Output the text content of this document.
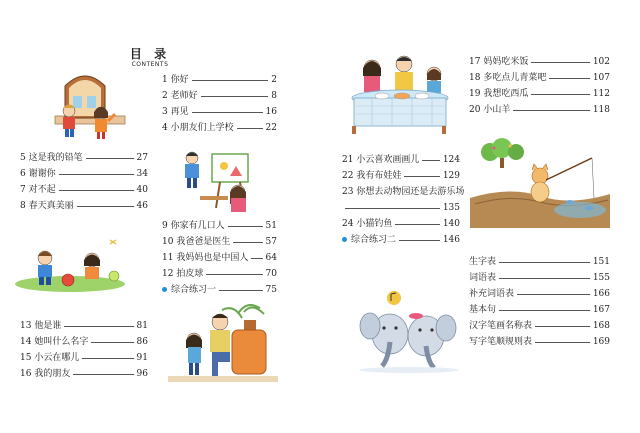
目 录
CONTENTS
1 你好	2
2 老师好	8
3 再见	16
4 小朋友们上学校	22
5 这是我的铅笔	27
6 谢谢你	34
7 对不起	40
8 春天真美丽	46
9 你家有几口人	51
10 我爸爸是医生	57
11 我妈妈也是中国人 64
12 拍皮球	70
综合练习一	75
13 他是谁	81
14 她叫什么名字	86
15 小云在哪儿	91
16 我的朋友	96
17 妈妈吃米饭	102
18 多吃点儿青菜吧	107
19 我想吃西瓜	112
20 小山羊	118
21 小云喜欢画画儿	124
22 我有布娃娃	129
23 你想去动物园还是去游乐场
135
24 小猫钓鱼	140
综合练习二	146
生字表	151
词语表	155
补充词语表	166
基本句	167
汉字笔画名称表	168
写字笔顺规则表	169
